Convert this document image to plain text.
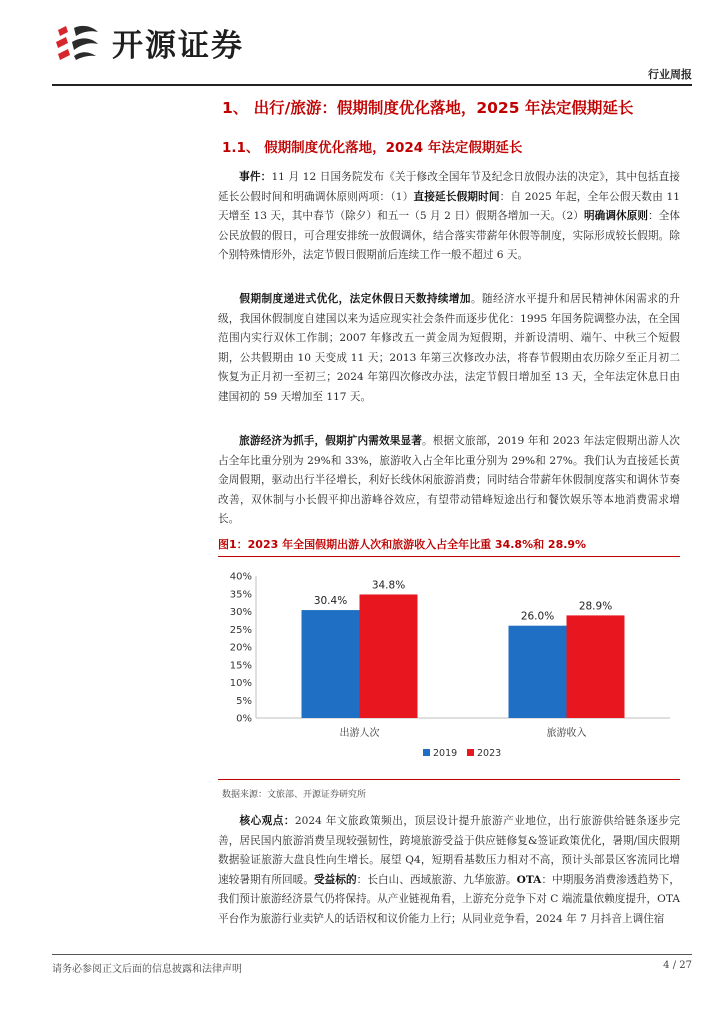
开源证券
行业周报
1、 出行/旅游：假期制度优化落地，2025 年法定假期延长
1.1、 假期制度优化落地，2024 年法定假期延长
事件：11 月 12 日国务院发布《关于修改全国年节及纪念日放假办法的决定》，其中包括直接延长公假时间和明确调休原则两项：（1）直接延长假期时间：自 2025 年起，全年公假天数由 11 天增至 13 天，其中春节（除夕）和五一（5 月 2 日）假期各增加一天。（2）明确调休原则：全体公民放假的假日，可合理安排统一放假调休，结合落实带薪年休假等制度，实际形成较长假期。除个别特殊情形外，法定节假日假期前后连续工作一般不超过 6 天。
假期制度递进式优化，法定休假日天数持续增加。随经济水平提升和居民精神休闲需求的升级，我国休假制度自建国以来为适应现实社会条件而逐步优化：1995 年国务院调整办法，在全国范围内实行双休工作制；2007 年修改五一黄金周为短假期，并新设清明、端午、中秋三个短假期，公共假期由 10 天变成 11 天；2013 年第三次修改办法，将春节假期由农历除夕至正月初二恢复为正月初一至初三；2024 年第四次修改办法，法定节假日增加至 13 天，全年法定休息日由建国初的 59 天增加至 117 天。
旅游经济为抓手，假期扩内需效果显著。根据文旅部，2019 年和 2023 年法定假期出游人次占全年比重分别为 29%和 33%，旅游收入占全年比重分别为 29%和 27%。我们认为直接延长黄金周假期，驱动出行半径增长，利好长线休闲旅游消费；同时结合带薪年休假制度落实和调休节奏改善，双休制与小长假平抑出游峰谷效应，有望带动错峰短途出行和餐饮娱乐等本地消费需求增长。
图1：2023 年全国假期出游人次和旅游收入占全年比重 34.8%和 28.9%
0%
5%
10%
15%
20%
25%
30%
35%
40%
30.4%
34.8%
出游人次
26.0%
28.9%
旅游收入
2019 2023
数据来源：文旅部、开源证券研究所
核心观点：2024 年文旅政策频出，顶层设计提升旅游产业地位，出行旅游供给链条逐步完善，居民国内旅游消费呈现较强韧性，跨境旅游受益于供应链修复&签证政策优化，暑期/国庆假期数据验证旅游大盘良性向生增长。展望 Q4，短期看基数压力相对不高，预计头部景区客流同比增速较暑期有所回暖。受益标的：长白山、西域旅游、九华旅游。OTA：中期服务消费渗透趋势下，我们预计旅游经济景气仍将保持。从产业链视角看，上游充分竞争下对 C 端流量依赖度提升，OTA 平台作为旅游行业卖铲人的话语权和议价能力上行；从同业竞争看，2024 年 7 月抖音上调住宿
请务必参阅正文后面的信息披露和法律声明	4 / 27
